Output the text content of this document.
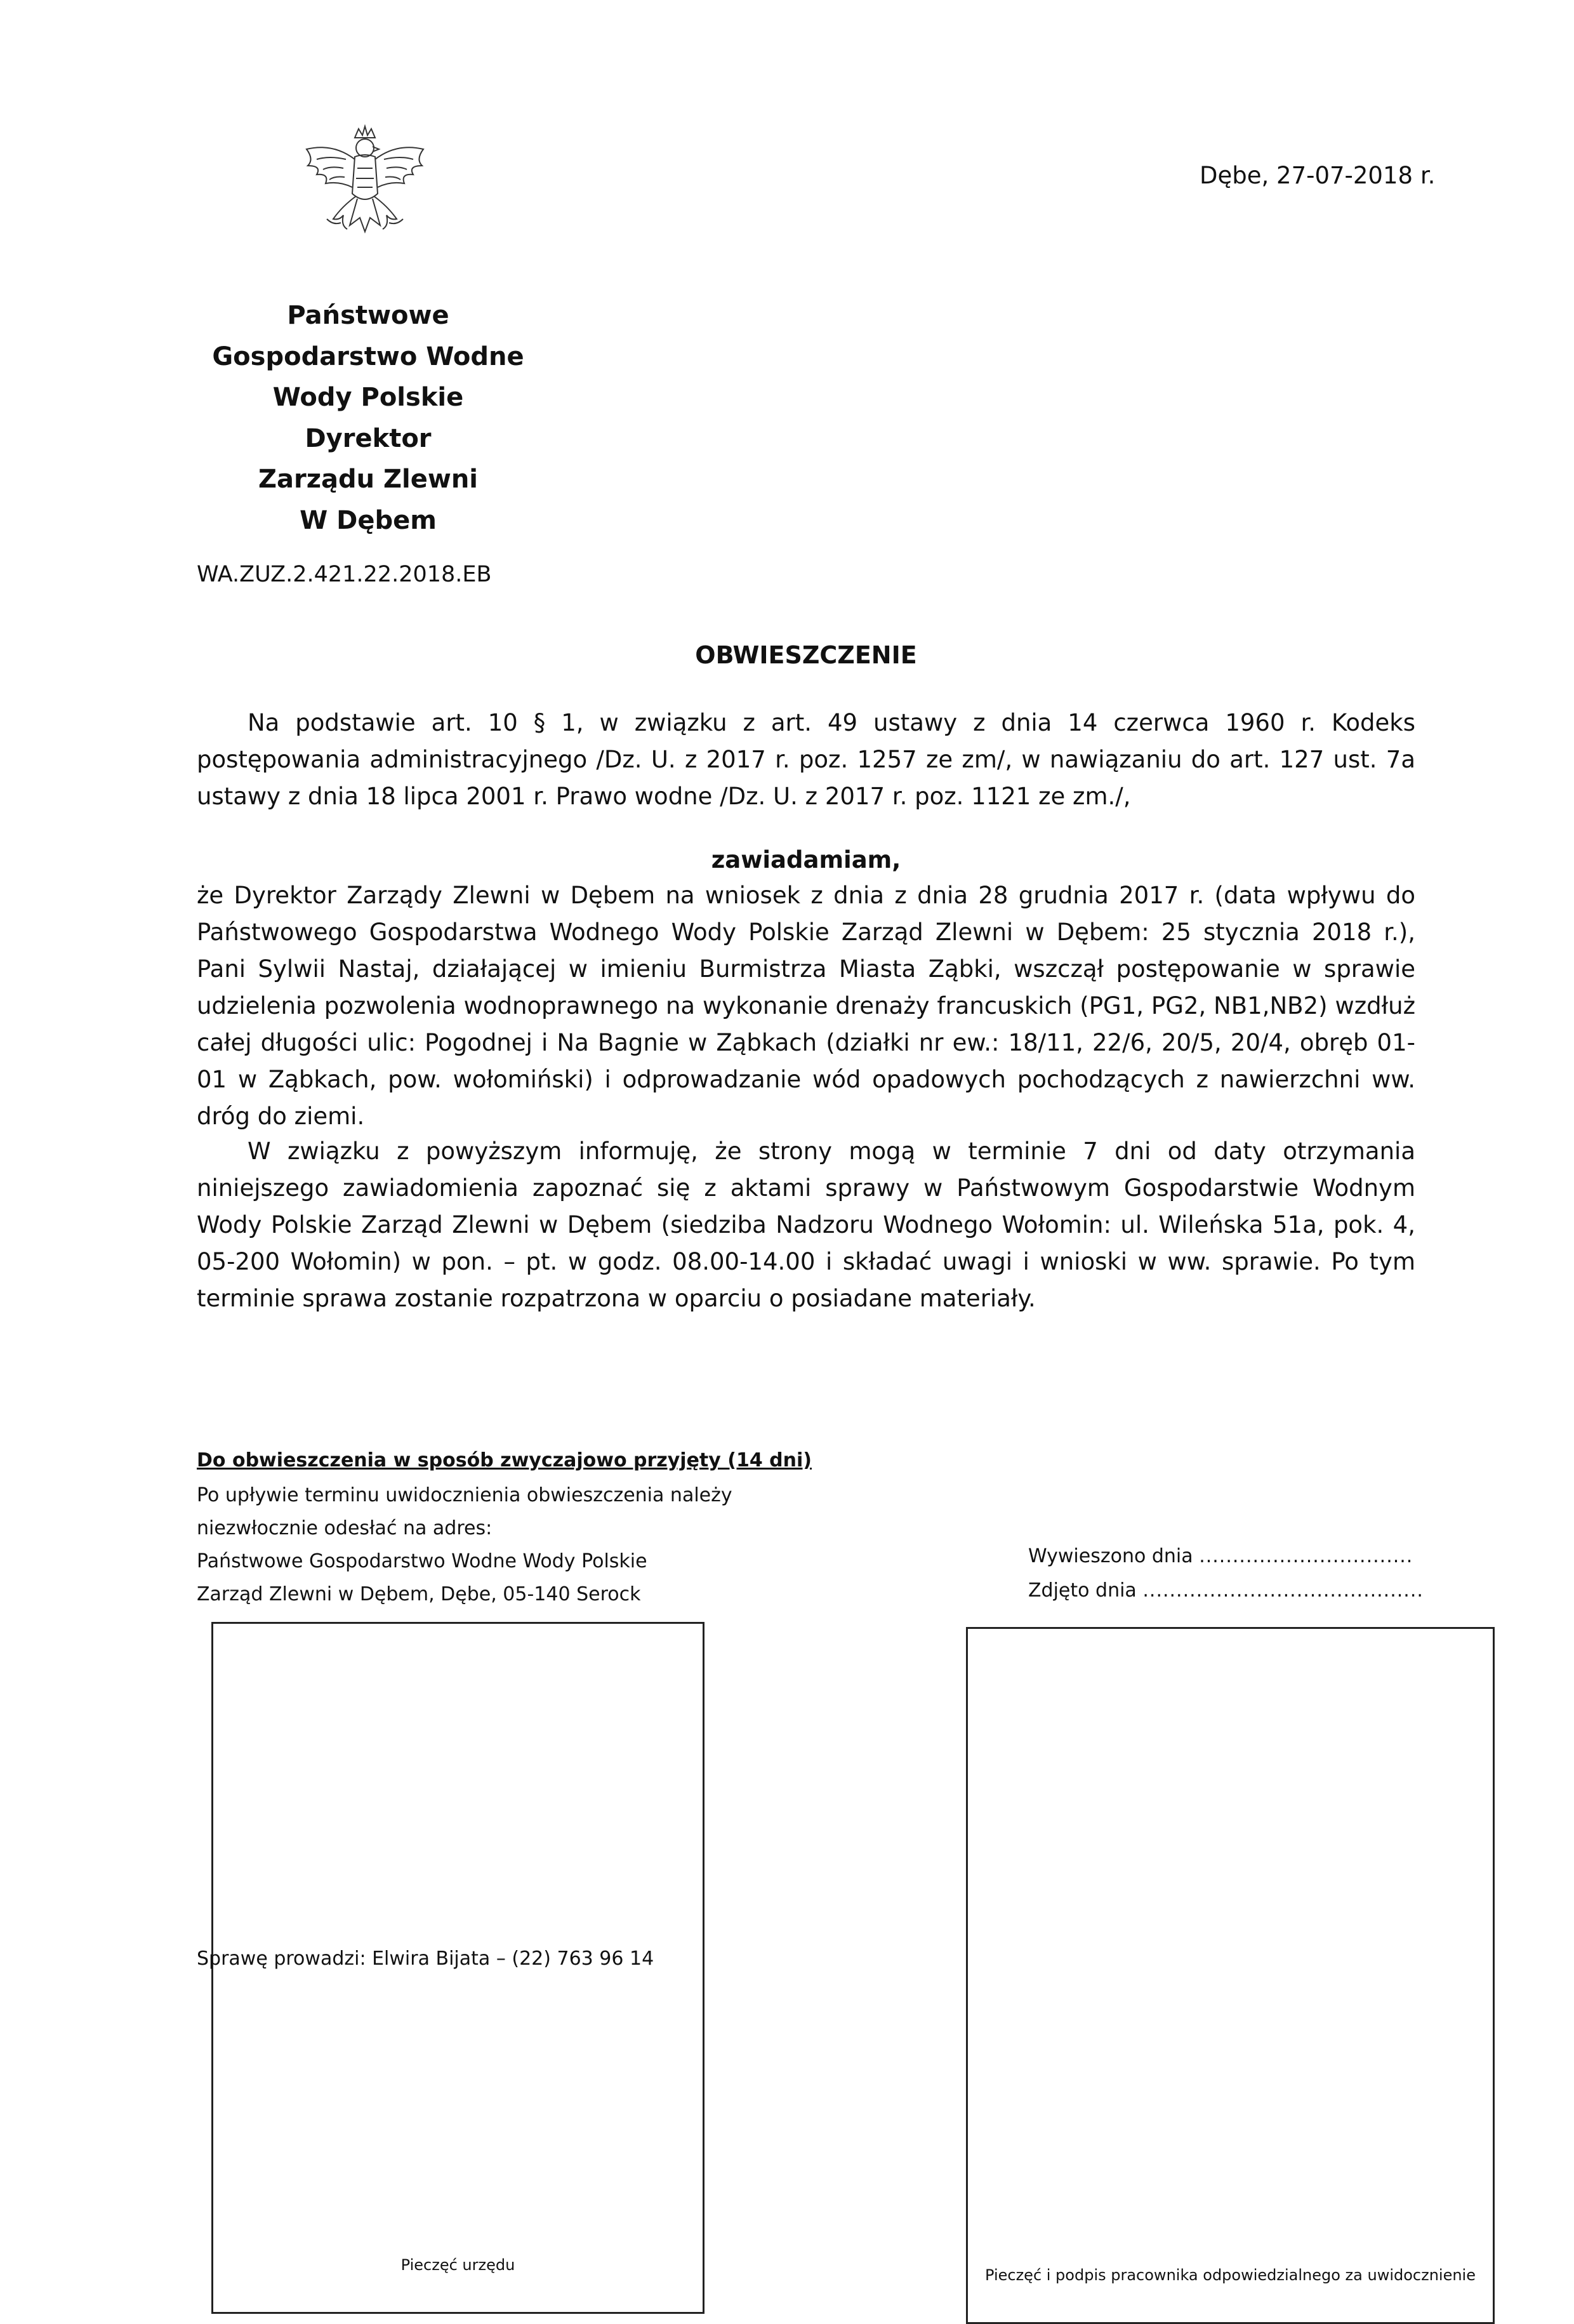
Dębe, 27-07-2018 r.
Państwowe
Gospodarstwo Wodne
Wody Polskie
Dyrektor
Zarządu Zlewni
W Dębem
WA.ZUZ.2.421.22.2018.EB
OBWIESZCZENIE
Na podstawie art. 10 § 1, w związku z art. 49 ustawy z dnia 14 czerwca 1960 r. Kodeks postępowania administracyjnego /Dz. U. z 2017 r. poz. 1257 ze zm/, w nawiązaniu do art. 127 ust. 7a ustawy z dnia 18 lipca 2001 r. Prawo wodne /Dz. U. z 2017 r. poz. 1121 ze zm./,
zawiadamiam,
że Dyrektor Zarządy Zlewni w Dębem na wniosek z dnia z dnia 28 grudnia 2017 r. (data wpływu do Państwowego Gospodarstwa Wodnego Wody Polskie Zarząd Zlewni w Dębem: 25 stycznia 2018 r.), Pani Sylwii Nastaj, działającej w imieniu Burmistrza Miasta Ząbki, wszczął postępowanie w sprawie udzielenia pozwolenia wodnoprawnego na wykonanie drenaży francuskich (PG1, PG2, NB1,NB2) wzdłuż całej długości ulic: Pogodnej i Na Bagnie w Ząbkach (działki nr ew.: 18/11, 22/6, 20/5, 20/4, obręb 01-01 w Ząbkach, pow. wołomiński) i odprowadzanie wód opadowych pochodzących z nawierzchni ww. dróg do ziemi.
W związku z powyższym informuję, że strony mogą w terminie 7 dni od daty otrzymania niniejszego zawiadomienia zapoznać się z aktami sprawy w Państwowym Gospodarstwie Wodnym Wody Polskie Zarząd Zlewni w Dębem (siedziba Nadzoru Wodnego Wołomin: ul. Wileńska 51a, pok. 4, 05-200 Wołomin) w pon. – pt. w godz. 08.00-14.00 i składać uwagi i wnioski w ww. sprawie. Po tym terminie sprawa zostanie rozpatrzona w oparciu o posiadane materiały.
Do obwieszczenia w sposób zwyczajowo przyjęty (14 dni)
Po upływie terminu uwidocznienia obwieszczenia należy
niezwłocznie odesłać na adres:
Państwowe Gospodarstwo Wodne Wody Polskie
Zarząd Zlewni w Dębem, Dębe, 05-140 Serock
Wywieszono dnia ................................
Zdjęto dnia ..........................................
Pieczęć urzędu
Pieczęć i podpis pracownika odpowiedzialnego za uwidocznienie
Sprawę prowadzi: Elwira Bijata – (22) 763 96 14
